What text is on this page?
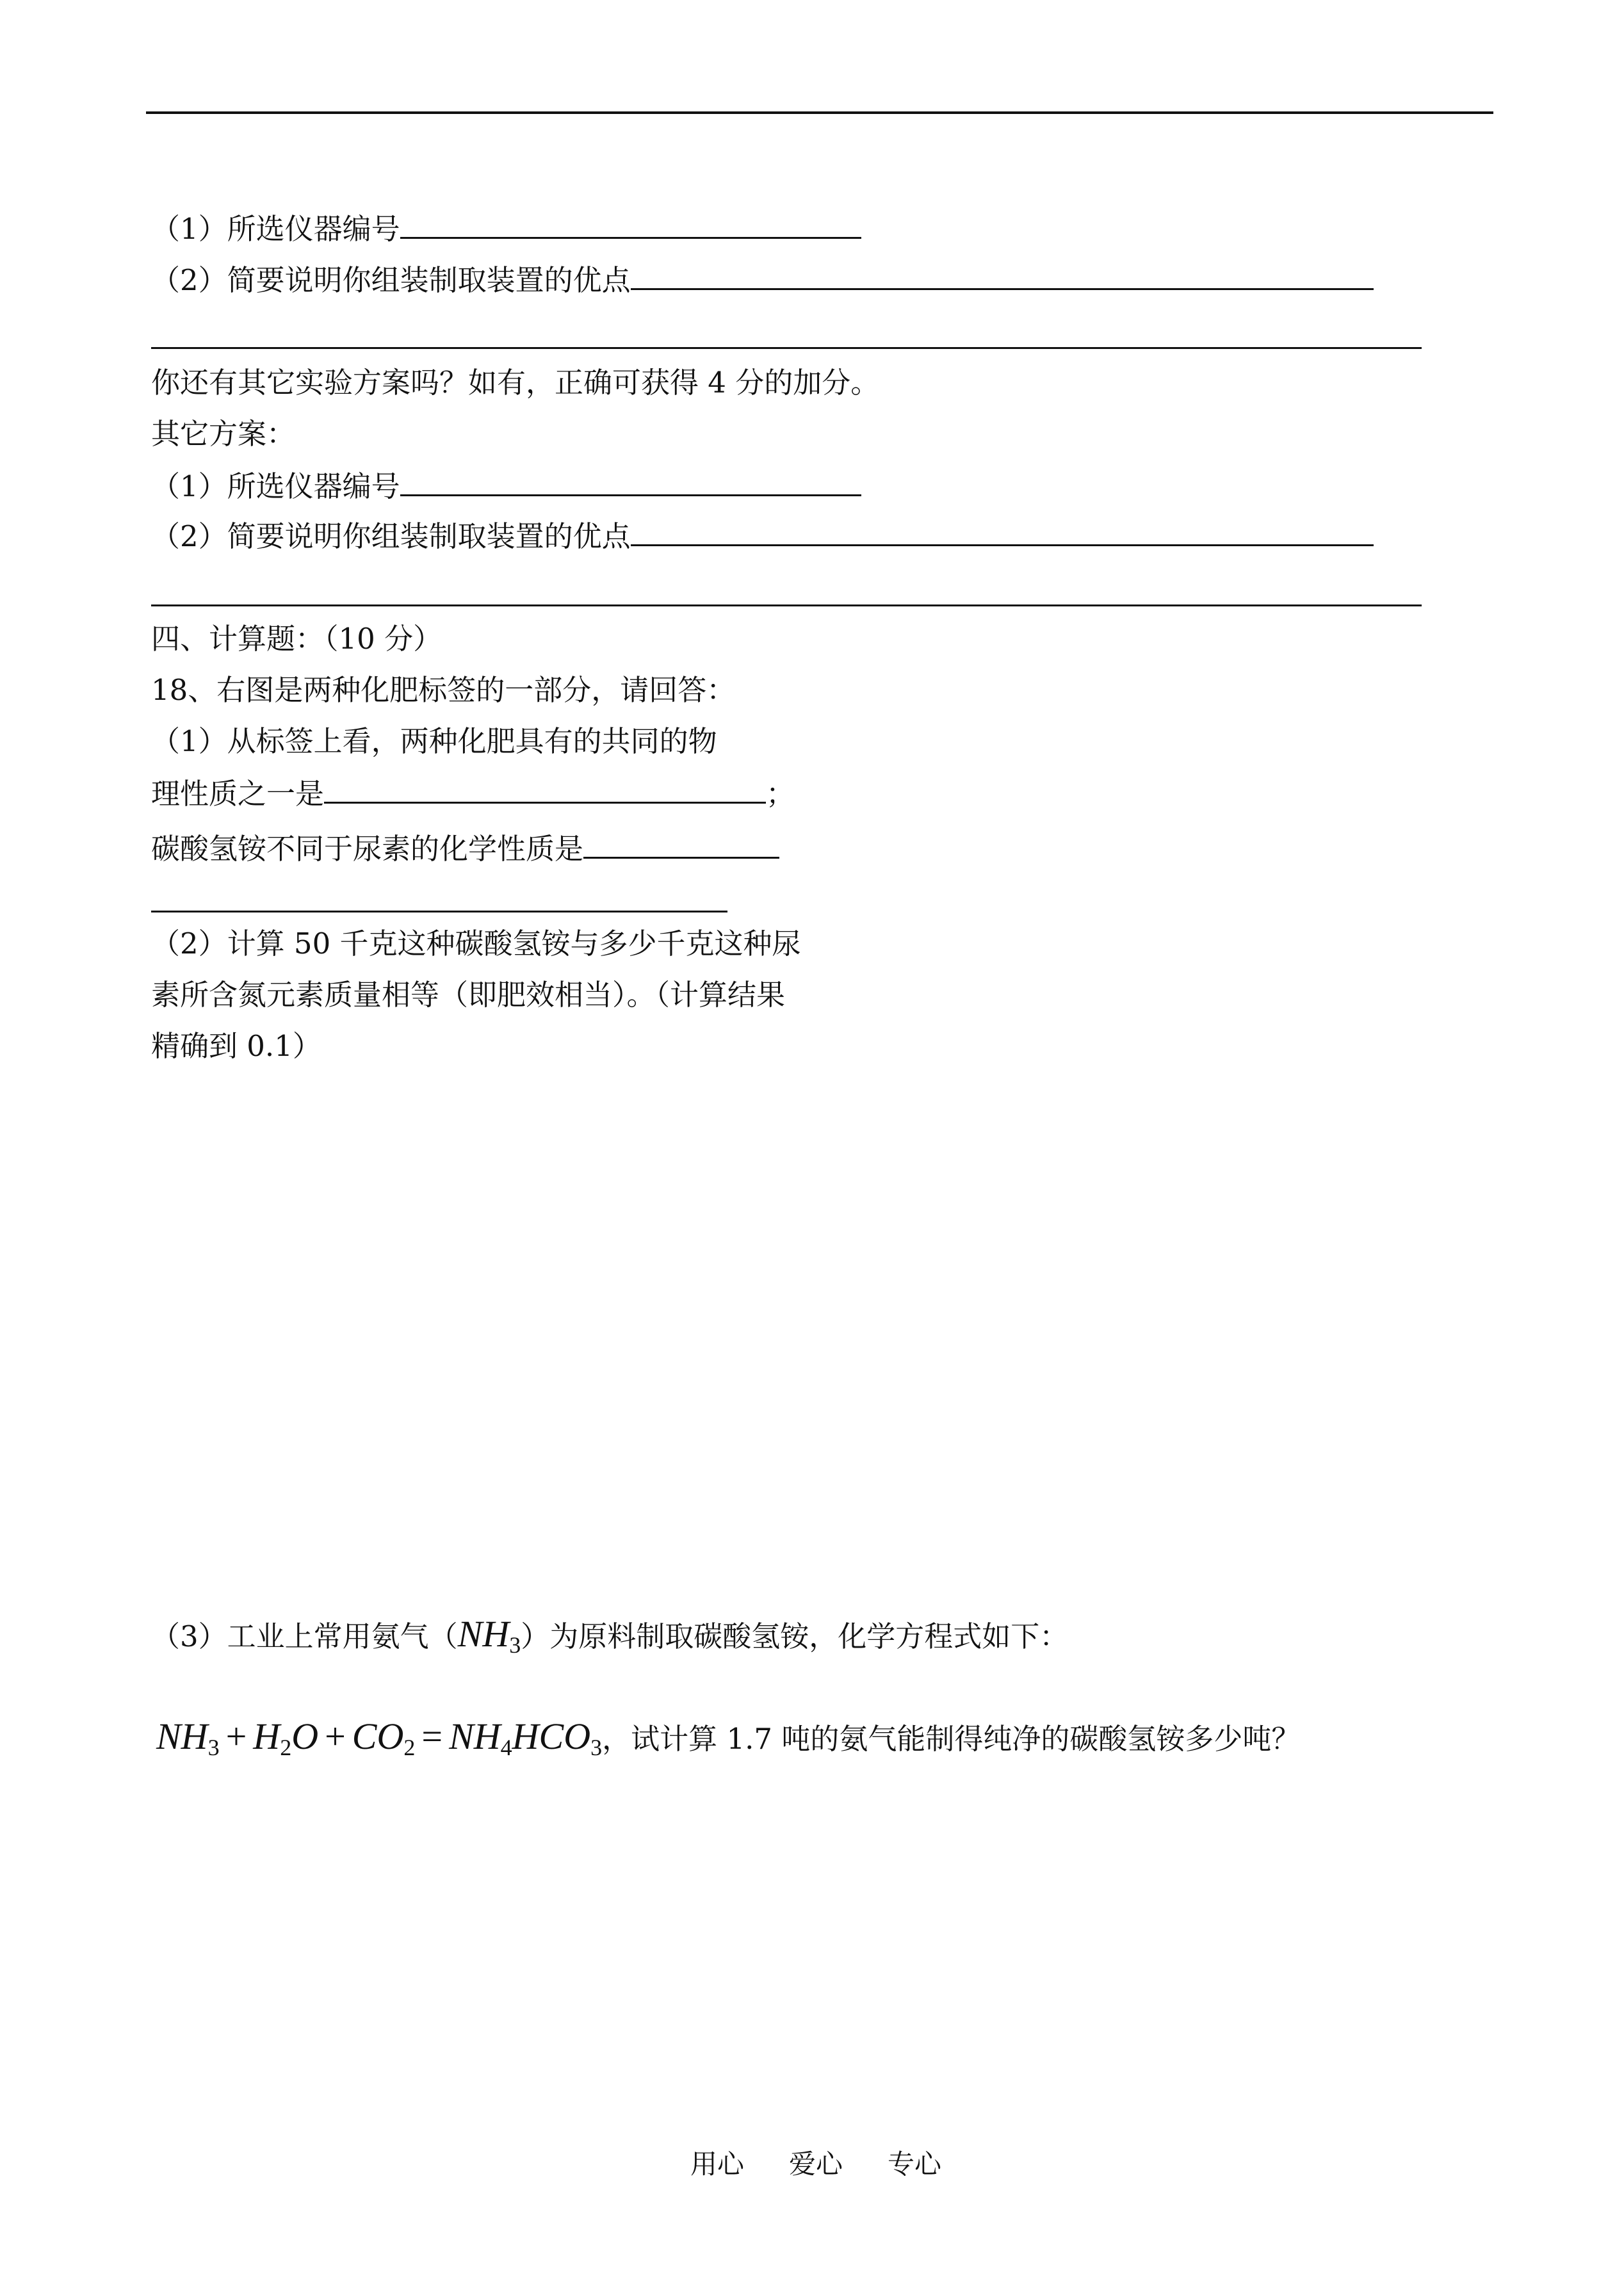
（1）所选仪器编号
（2）简要说明你组装制取装置的优点
你还有其它实验方案吗？如有，正确可获得 4 分的加分。
其它方案：
（1）所选仪器编号
（2）简要说明你组装制取装置的优点
四、计算题：（10 分）
18、右图是两种化肥标签的一部分，请回答：
（1）从标签上看，两种化肥具有的共同的物
理性质之一是	；
碳酸氢铵不同于尿素的化学性质是
（2）计算 50 千克这种碳酸氢铵与多少千克这种尿
素所含氮元素质量相等（即肥效相当）。（计算结果
精确到 0.1）
（3）工业上常用氨气$(NH_3)$为原料制取碳酸氢铵，化学方程式如下：
$NH_3 + H_2O + CO_2 = NH_4HCO_3$，试计算 1.7 吨的氨气能制得纯净的碳酸氢铵多少吨？
用心 爱心 专心
